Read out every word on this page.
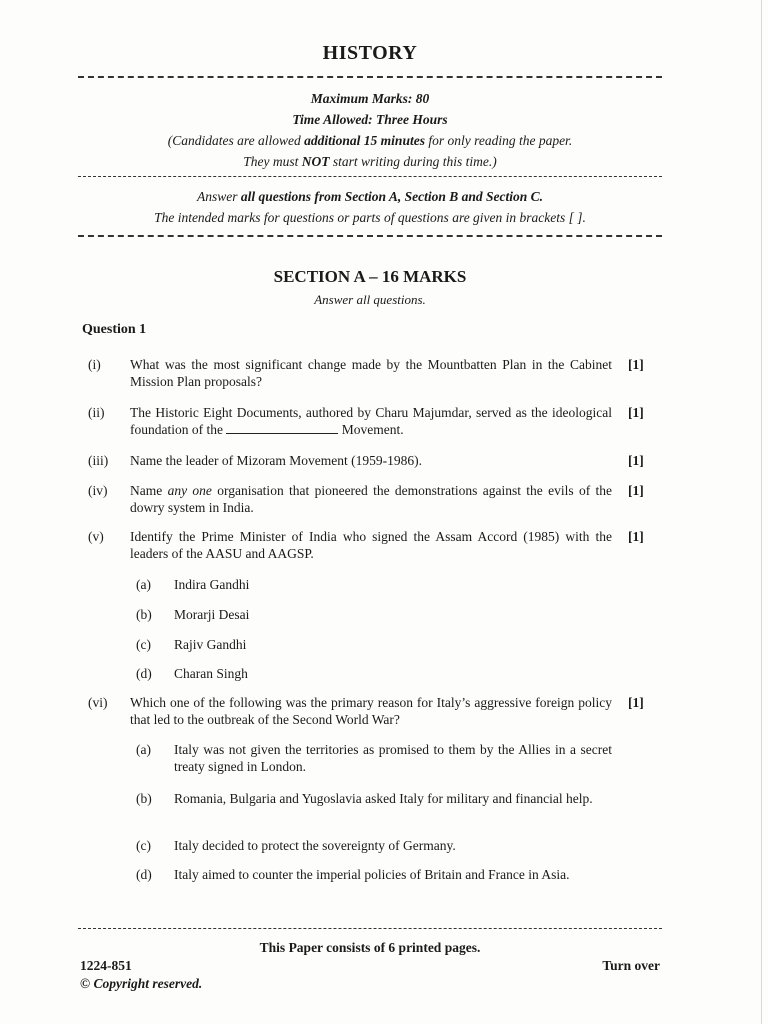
HISTORY
Maximum Marks: 80
Time Allowed: Three Hours
(Candidates are allowed additional 15 minutes for only reading the paper.
They must NOT start writing during this time.)
Answer all questions from Section A, Section B and Section C.
The intended marks for questions or parts of questions are given in brackets [ ].
SECTION A – 16 MARKS
Answer all questions.
Question 1
(i)	What was the most significant change made by the Mountbatten Plan in the Cabinet Mission Plan proposals?
[1]
(ii)	The Historic Eight Documents, authored by Charu Majumdar, served as the ideological foundation of the	Movement.
[1]
(iii)	Name the leader of Mizoram Movement (1959-1986).	[1]
(iv)	Name any one organisation that pioneered the demonstrations against the evils of the dowry system in India.
[1]
(v)	Identify the Prime Minister of India who signed the Assam Accord (1985) with the leaders of the AASU and AAGSP.
[1]
(a) Indira Gandhi
(b) Morarji Desai
(c) Rajiv Gandhi
(d) Charan Singh
(vi)	Which one of the following was the primary reason for Italy’s aggressive foreign policy that led to the outbreak of the Second World War?
[1]
(a) Italy was not given the territories as promised to them by the Allies in a secret treaty signed in London.
(b) Romania, Bulgaria and Yugoslavia asked Italy for military and financial help.
(c) Italy decided to protect the sovereignty of Germany.
(d) Italy aimed to counter the imperial policies of Britain and France in Asia.
This Paper consists of 6 printed pages.
1224-851
© Copyright reserved.
Turn over
